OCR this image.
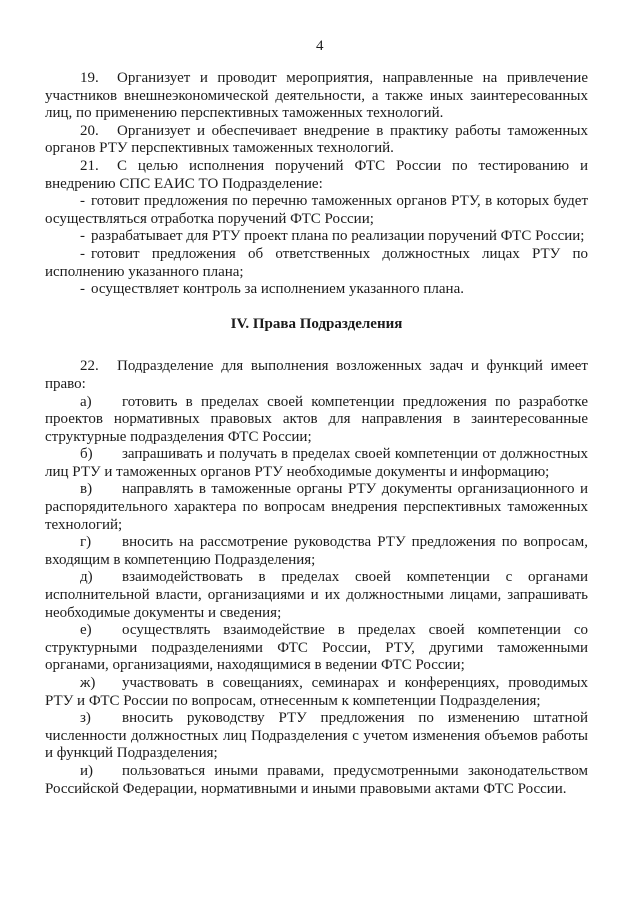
4

19. Организует и проводит мероприятия, направленные на привлечение участников внешнеэкономической деятельности, а также иных заинтересованных лиц, по применению перспективных таможенных технологий.

20. Организует и обеспечивает внедрение в практику работы таможенных органов РТУ перспективных таможенных технологий.

21. С целью исполнения поручений ФТС России по тестированию и внедрению СПС ЕАИС ТО Подразделение:

- готовит предложения по перечню таможенных органов РТУ, в которых будет осуществляться отработка поручений ФТС России;

- разрабатывает для РТУ проект плана по реализации поручений ФТС России;

- готовит предложения об ответственных должностных лицах РТУ по исполнению указанного плана;

- осуществляет контроль за исполнением указанного плана.

IV. Права Подразделения

22. Подразделение для выполнения возложенных задач и функций имеет право:

а) готовить в пределах своей компетенции предложения по разработке проектов нормативных правовых актов для направления в заинтересованные структурные подразделения ФТС России;

б) запрашивать и получать в пределах своей компетенции от должностных лиц РТУ и таможенных органов РТУ необходимые документы и информацию;

в) направлять в таможенные органы РТУ документы организационного и распорядительного характера по вопросам внедрения перспективных таможенных технологий;

г) вносить на рассмотрение руководства РТУ предложения по вопросам, входящим в компетенцию Подразделения;

д) взаимодействовать в пределах своей компетенции с органами исполнительной власти, организациями и их должностными лицами, запрашивать необходимые документы и сведения;

е) осуществлять взаимодействие в пределах своей компетенции со структурными подразделениями ФТС России, РТУ, другими таможенными органами, организациями, находящимися в ведении ФТС России;

ж) участвовать в совещаниях, семинарах и конференциях, проводимых РТУ и ФТС России по вопросам, отнесенным к компетенции Подразделения;

з) вносить руководству РТУ предложения по изменению штатной численности должностных лиц Подразделения с учетом изменения объемов работы и функций Подразделения;

и) пользоваться иными правами, предусмотренными законодательством Российской Федерации, нормативными и иными правовыми актами ФТС России.
